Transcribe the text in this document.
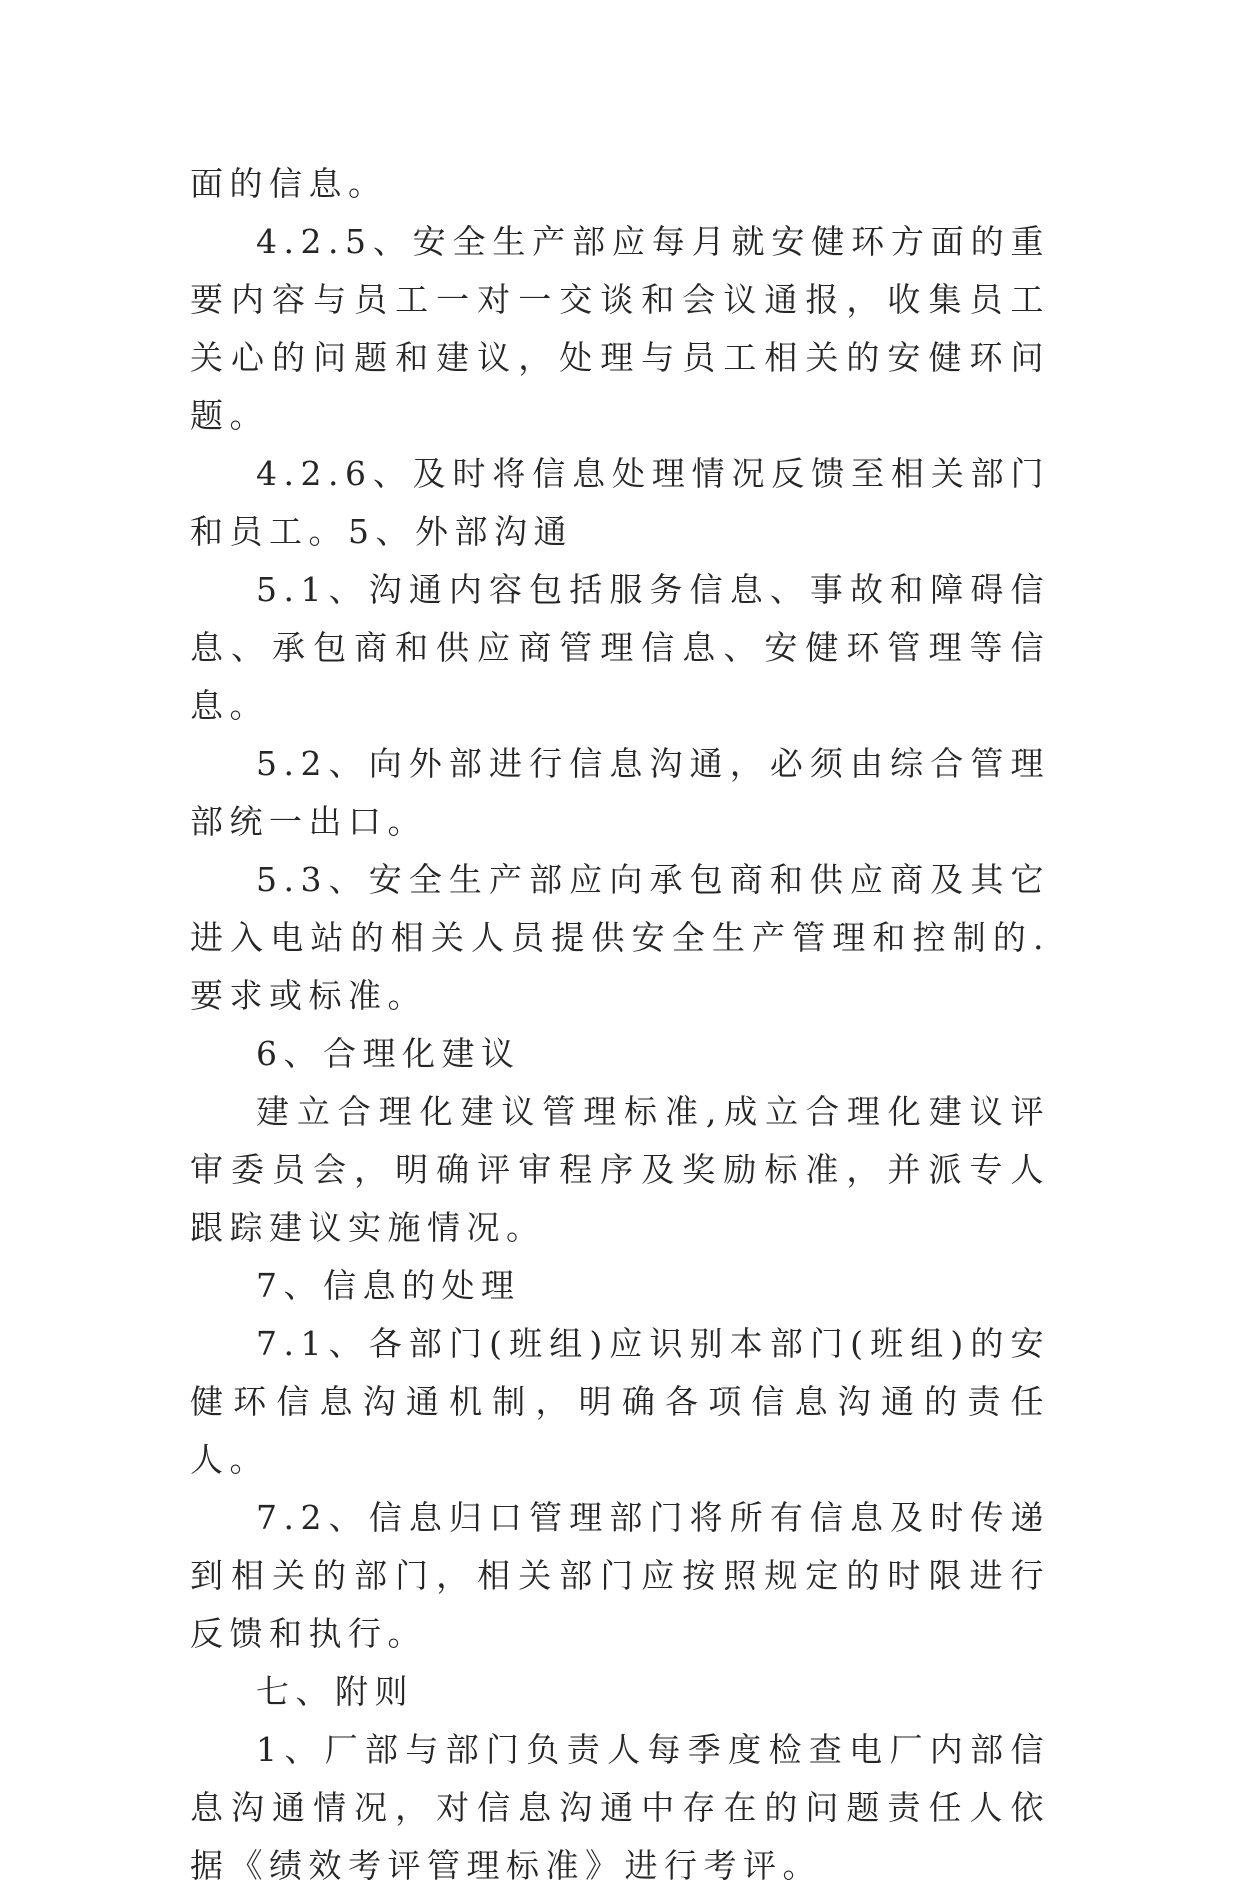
面的信息。

4.2.5、安全生产部应每月就安健环方面的重要内容与员工一对一交谈和会议通报，收集员工关心的问题和建议，处理与员工相关的安健环问题。

4.2.6、及时将信息处理情况反馈至相关部门和员工。5、外部沟通

5.1、沟通内容包括服务信息、事故和障碍信息、承包商和供应商管理信息、安健环管理等信息。

5.2、向外部进行信息沟通，必须由综合管理部统一出口。

5.3、安全生产部应向承包商和供应商及其它进入电站的相关人员提供安全生产管理和控制的.要求或标准。

6、合理化建议

建立合理化建议管理标准,成立合理化建议评审委员会，明确评审程序及奖励标准，并派专人跟踪建议实施情况。

7、信息的处理

7.1、各部门(班组)应识别本部门(班组)的安健环信息沟通机制，明确各项信息沟通的责任人。

7.2、信息归口管理部门将所有信息及时传递到相关的部门，相关部门应按照规定的时限进行反馈和执行。

七、附则

1、厂部与部门负责人每季度检查电厂内部信息沟通情况，对信息沟通中存在的问题责任人依据《绩效考评管理标准》进行考评。
